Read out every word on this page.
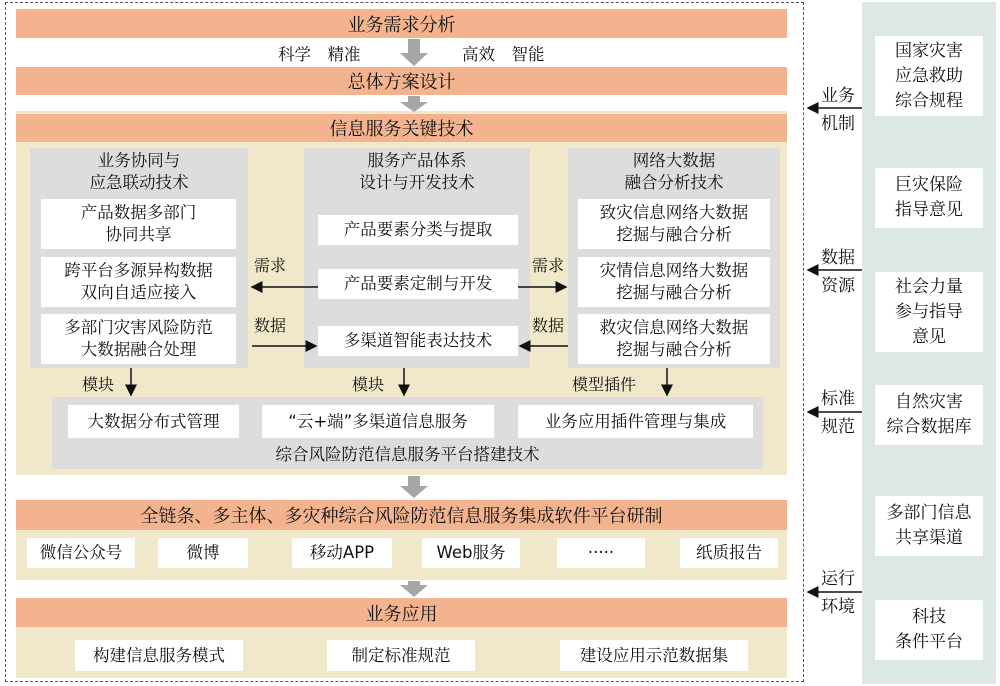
业务需求分析
科学　精准	高效　智能
总体方案设计
信息服务关键技术
业务协同与
应急联动技术
产品数据多部门
协同共享
跨平台多源异构数据
双向自适应接入
多部门灾害风险防范
大数据融合处理
服务产品体系
设计与开发技术
产品要素分类与提取
产品要素定制与开发
多渠道智能表达技术
网络大数据
融合分析技术
致灾信息网络大数据
挖掘与融合分析
灾情信息网络大数据
挖掘与融合分析
救灾信息网络大数据
挖掘与融合分析
需求
数据
需求
数据
模块	模块	模型插件
大数据分布式管理	“云+端”多渠道信息服务	业务应用插件管理与集成
综合风险防范信息服务平台搭建技术
全链条、多主体、多灾种综合风险防范信息服务集成软件平台研制
微信公众号	微博	移动APP	Web服务	·····	纸质报告
业务应用
构建信息服务模式	制定标准规范	建设应用示范数据集
业务
机制
数据
资源
标准
规范
运行
环境
国家灾害
应急救助
综合规程
巨灾保险
指导意见
社会力量
参与指导
意见
自然灾害
综合数据库
多部门信息
共享渠道
科技
条件平台
